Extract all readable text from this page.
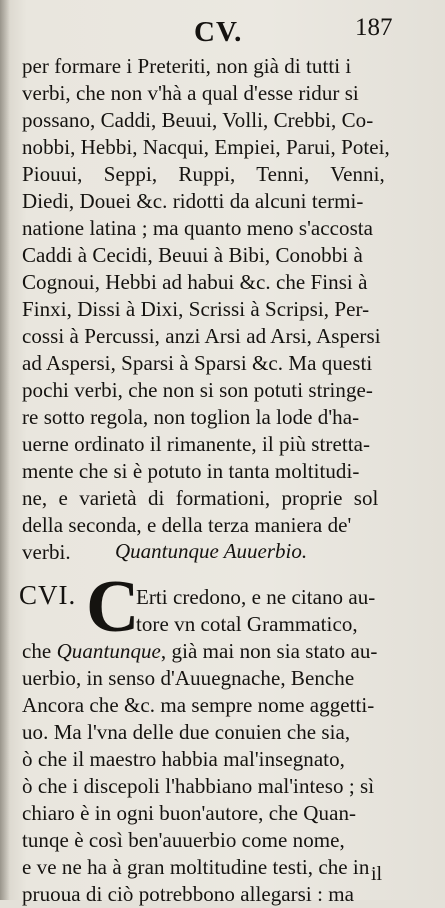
CV.	187
per formare i Preteriti, non già di tutti i
verbi, che non v'hà a qual d'esse ridur si
possano, Caddi, Beuui, Volli, Crebbi, Co-
nobbi, Hebbi, Nacqui, Empiei, Parui, Potei,
Piouui, Seppi, Ruppi, Tenni, Venni,
Diedi, Douei &c. ridotti da alcuni termi-
natione latina ; ma quanto meno s'accosta
Caddi à Cecidi, Beuui à Bibi, Conobbi à
Cognoui, Hebbi ad habui &c. che Finsi à
Finxi, Dissi à Dixi, Scrissi à Scripsi, Per-
cossi à Percussi, anzi Arsi ad Arsi, Aspersi
ad Aspersi, Sparsi à Sparsi &c. Ma questi
pochi verbi, che non si son potuti stringe-
re sotto regola, non toglion la lode d'ha-
uerne ordinato il rimanente, il più stretta-
mente che si è potuto in tanta moltitudi-
ne, e varietà di formationi, proprie sol
della seconda, e della terza maniera de'
verbi. Quantunque Auuerbio.
CVI. C
Erti credono, e ne citano au-
tore vn cotal Grammatico,
che Quantunque, già mai non sia stato au-
uerbio, in senso d'Auuegnache, Benche
Ancora che &c. ma sempre nome aggetti-
uo. Ma l'vna delle due conuien che sia,
ò che il maestro habbia mal'insegnato,
ò che i discepoli l'habbiano mal'inteso ; sì
chiaro è in ogni buon'autore, che Quan-
tunqe è così ben'auuerbio come nome,
e ve ne ha à gran moltitudine testi, che in
pruoua di ciò potrebbono allegarsi : ma
il
